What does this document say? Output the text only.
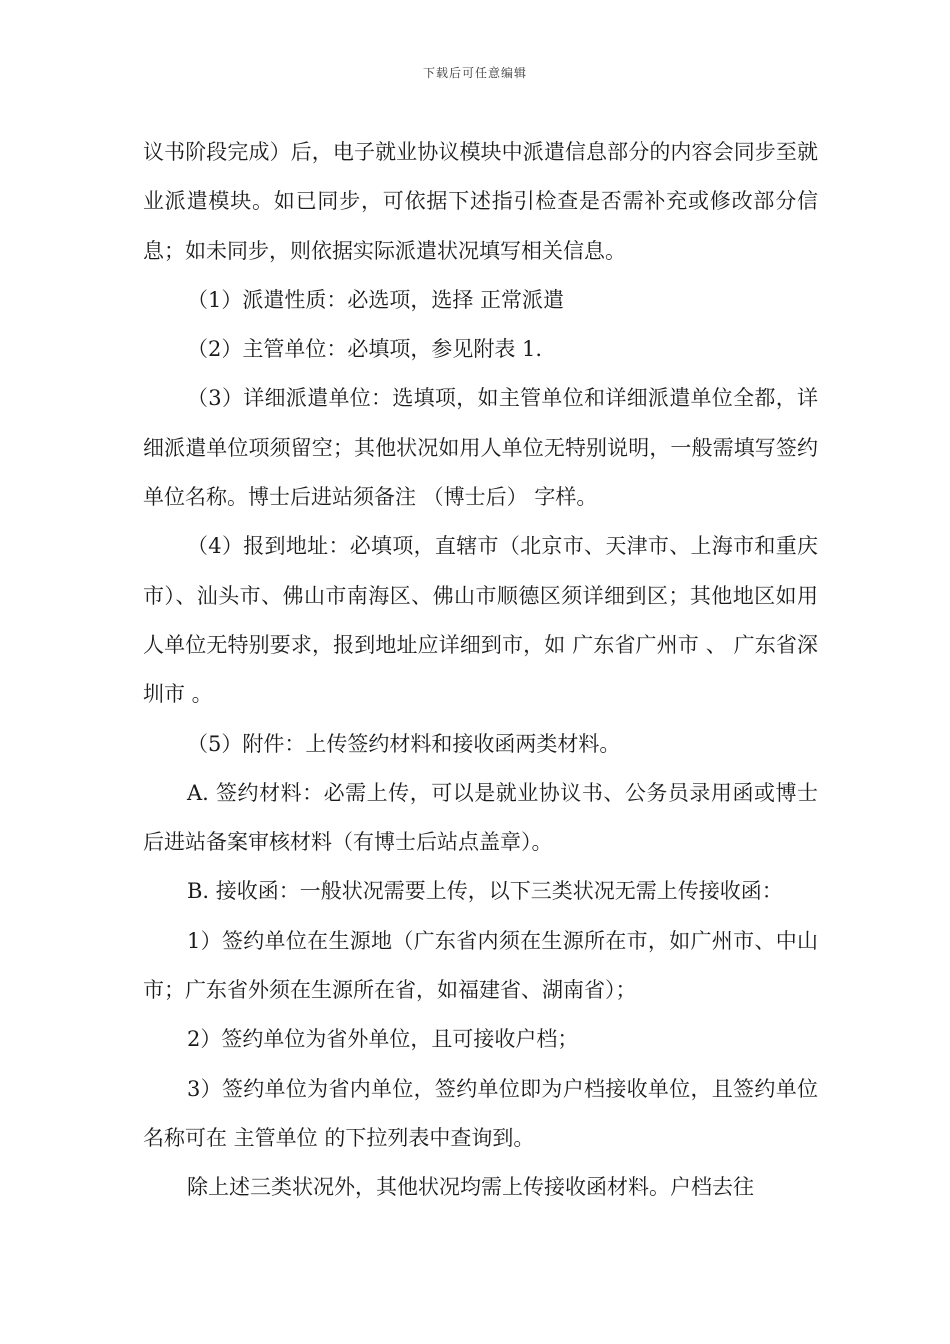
下载后可任意编辑

议书阶段完成）后，电子就业协议模块中派遣信息部分的内容会同步至就业派遣模块。如已同步，可依据下述指引检查是否需补充或修改部分信息；如未同步，则依据实际派遣状况填写相关信息。

（1）派遣性质：必选项，选择 正常派遣

（2）主管单位：必填项，参见附表 1.

（3）详细派遣单位：选填项，如主管单位和详细派遣单位全都，详细派遣单位项须留空；其他状况如用人单位无特别说明，一般需填写签约单位名称。博士后进站须备注 （博士后） 字样。

（4）报到地址：必填项，直辖市（北京市、天津市、上海市和重庆市）、汕头市、佛山市南海区、佛山市顺德区须详细到区；其他地区如用人单位无特别要求，报到地址应详细到市，如 广东省广州市 、 广东省深圳市 。

（5）附件：上传签约材料和接收函两类材料。

A. 签约材料：必需上传，可以是就业协议书、公务员录用函或博士后进站备案审核材料（有博士后站点盖章）。

B. 接收函：一般状况需要上传，以下三类状况无需上传接收函：

1）签约单位在生源地（广东省内须在生源所在市，如广州市、中山市；广东省外须在生源所在省，如福建省、湖南省）；

2）签约单位为省外单位，且可接收户档；

3）签约单位为省内单位，签约单位即为户档接收单位，且签约单位名称可在 主管单位 的下拉列表中查询到。

除上述三类状况外，其他状况均需上传接收函材料。户档去往
